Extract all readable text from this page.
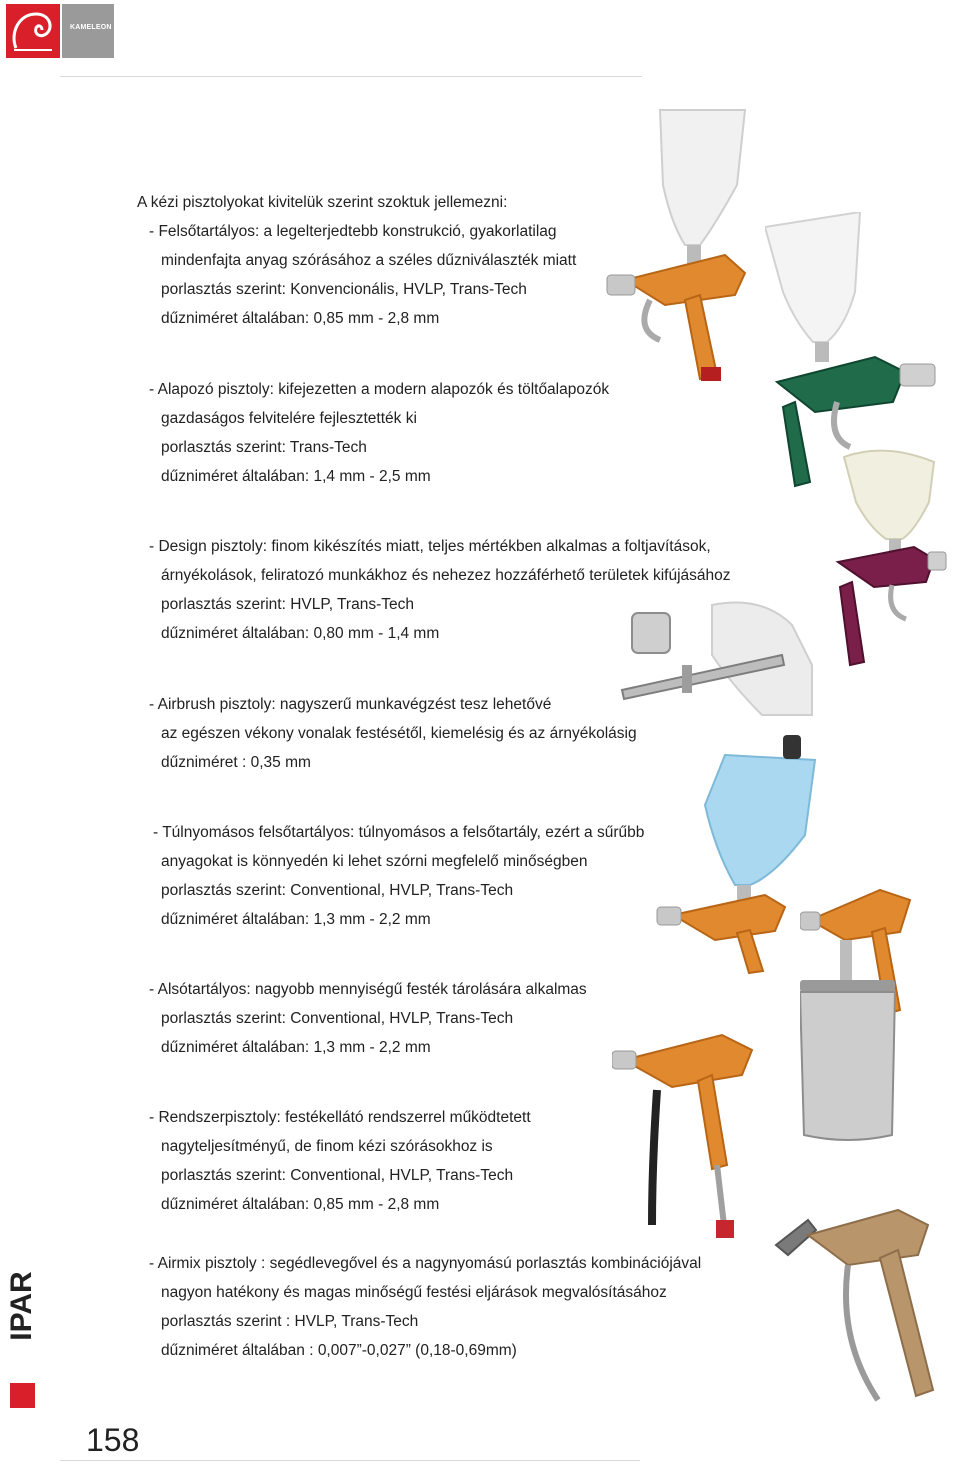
KAMELEON
A kézi pisztolyokat kivitelük szerint szoktuk jellemezni:
- Felsőtartályos: a legelterjedtebb konstrukció, gyakorlatilag
mindenfajta anyag szórásához a széles dűzniválaszték miatt
porlasztás szerint: Konvencionális, HVLP, Trans-Tech
dűzniméret általában: 0,85 mm - 2,8 mm
- Alapozó pisztoly: kifejezetten a modern alapozók és töltőalapozók
gazdaságos felvitelére fejlesztették ki
porlasztás szerint: Trans-Tech
dűzniméret általában: 1,4 mm - 2,5 mm
- Design pisztoly: finom kikészítés miatt, teljes mértékben alkalmas a foltjavítások,
árnyékolások, feliratozó munkákhoz és nehezez hozzáférhető területek kifújásához
porlasztás szerint: HVLP, Trans-Tech
dűzniméret általában: 0,80 mm - 1,4 mm
- Airbrush pisztoly: nagyszerű munkavégzést tesz lehetővé
az egészen vékony vonalak festésétől, kiemelésig és az árnyékolásig
dűzniméret : 0,35 mm
- Túlnyomásos felsőtartályos: túlnyomásos a felsőtartály, ezért a sűrűbb
anyagokat is könnyedén ki lehet szórni megfelelő minőségben
porlasztás szerint: Conventional, HVLP, Trans-Tech
dűzniméret általában: 1,3 mm - 2,2 mm
- Alsótartályos: nagyobb mennyiségű festék tárolására alkalmas
porlasztás szerint: Conventional, HVLP, Trans-Tech
dűzniméret általában: 1,3 mm - 2,2 mm
- Rendszerpisztoly: festékellátó rendszerrel működtetett
nagyteljesítményű, de finom kézi szórásokhoz is
porlasztás szerint: Conventional, HVLP, Trans-Tech
dűzniméret általában: 0,85 mm - 2,8 mm
- Airmix pisztoly : segédlevegővel és a nagynyomású porlasztás kombinációjával
nagyon hatékony és magas minőségű festési eljárások megvalósításához
porlasztás szerint : HVLP, Trans-Tech
dűzniméret általában : 0,007”-0,027” (0,18-0,69mm)
IPAR
158
